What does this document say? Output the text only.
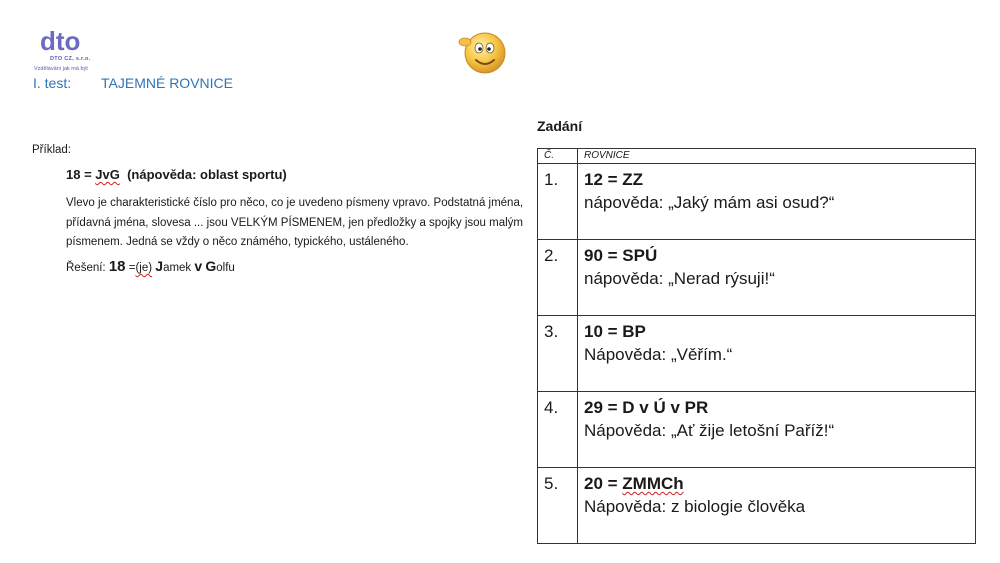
dto
DTO CZ, s.r.o.
Vzdělávání jak má být
I. test: TAJEMNÉ ROVNICE
Příklad:
18 = JvG (nápověda: oblast sportu)
Vlevo je charakteristické číslo pro něco, co je uvedeno písmeny vpravo. Podstatná jména, přídavná jména, slovesa ... jsou VELKÝM PÍSMENEM, jen předložky a spojky jsou malým písmenem. Jedná se vždy o něco známého, typického, ustáleného.
Řešení: 18 =(je) Jamek v Golfu
Zadání
Č.	ROVNICE
1.	12 = ZZ
nápověda: „Jaký mám asi osud?“

2.	90 = SPÚ
nápověda: „Nerad rýsuji!“

3.	10 = BP
Nápověda: „Věřím.“

4.	29 = D v Ú v PR
Nápověda: „Ať žije letošní Paříž!“

5.	20 = ZMMCh
Nápověda: z biologie člověka
